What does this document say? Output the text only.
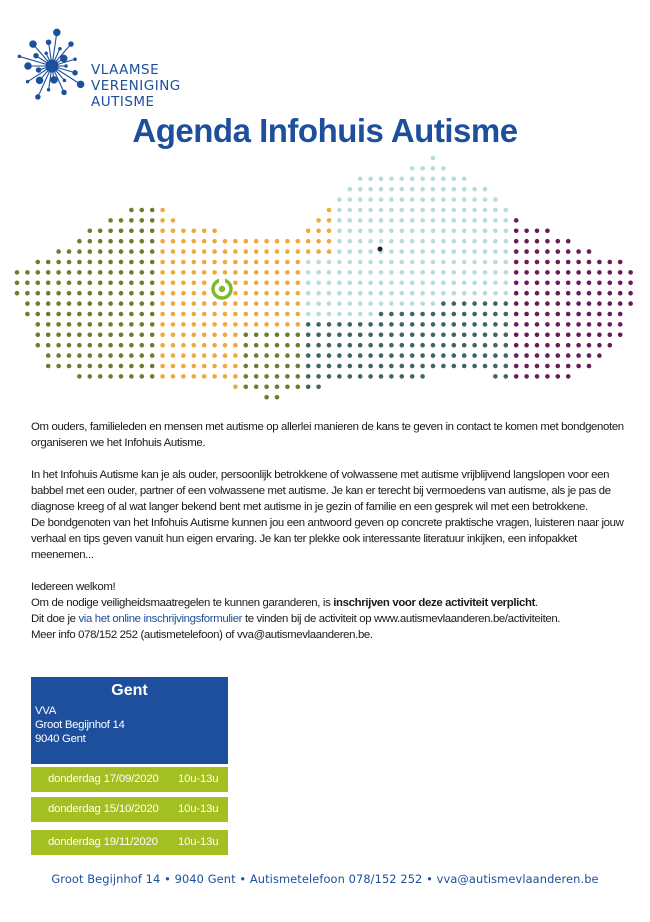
VLAAMSE
VERENIGING
AUTISME
Agenda Infohuis Autisme

Om ouders, familieleden en mensen met autisme op allerlei manieren de kans te geven in contact te komen met bondgenoten organiseren we het Infohuis Autisme.

In het Infohuis Autisme kan je als ouder, persoonlijk betrokkene of volwassene met autisme vrijblijvend langslopen voor een babbel met een ouder, partner of een volwassene met autisme. Je kan er terecht bij vermoedens van autisme, als je pas de diagnose kreeg of al wat langer bekend bent met autisme in je gezin of familie en een gesprek wil met een betrokkene.

De bondgenoten van het Infohuis Autisme kunnen jou een antwoord geven op concrete praktische vragen, luisteren naar jouw verhaal en tips geven vanuit hun eigen ervaring. Je kan ter plekke ook interessante literatuur inkijken, een infopakket meenemen...

Iedereen welkom!

Om de nodige veiligheidsmaatregelen te kunnen garanderen, is inschrijven voor deze activiteit verplicht.

Dit doe je via het online inschrijvingsformulier te vinden bij de activiteit op www.autismevlaanderen.be/activiteiten.

Meer info 078/152 252 (autismetelefoon) of vva@autismevlaanderen.be.

Gent
VVA
Groot Begijnhof 14
9040 Gent
donderdag 17/09/2020 10u-13u
donderdag 15/10/2020 10u-13u
donderdag 19/11/2020 10u-13u
Groot Begijnhof 14 • 9040 Gent • Autismetelefoon 078/152 252 • vva@autismevlaanderen.be
